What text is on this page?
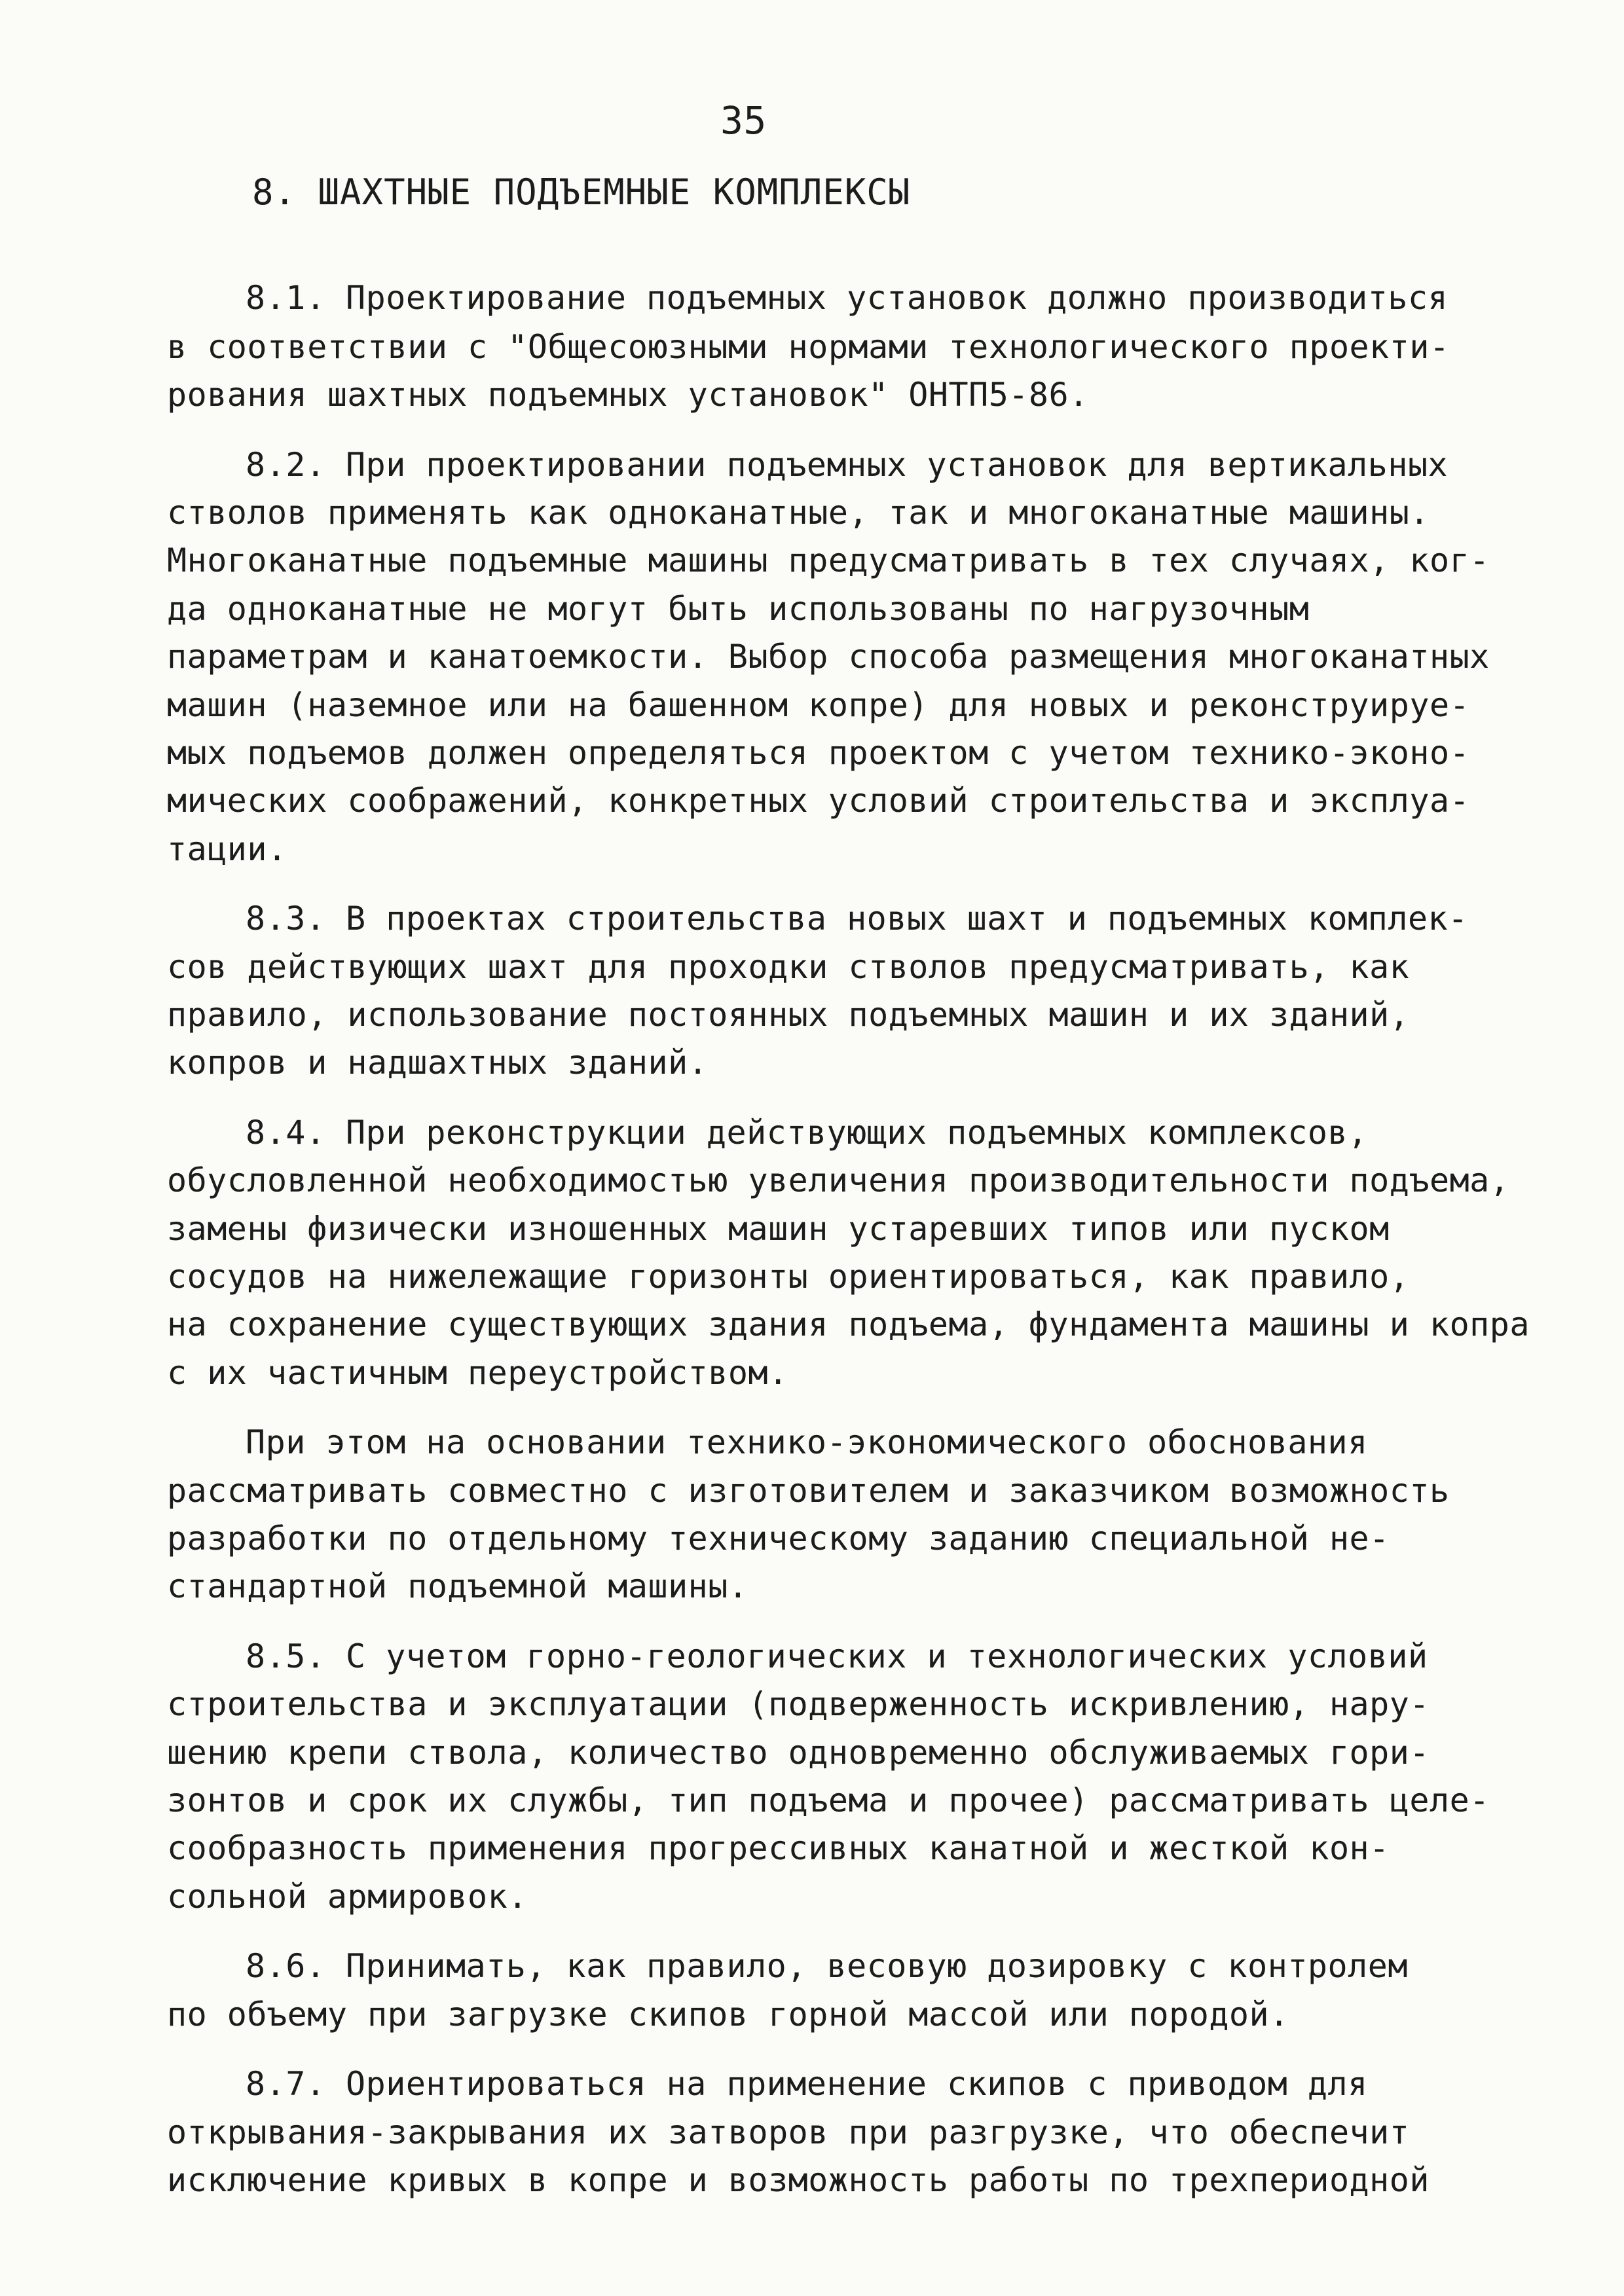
35
8. ШАХТНЫЕ ПОДЪЕМНЫЕ КОМПЛЕКСЫ
8.1. Проектирование подъемных установок должно производиться
в соответствии с "Общесоюзными нормами технологического проекти-
рования шахтных подъемных установок" ОНТП5-86.
8.2. При проектировании подъемных установок для вертикальных
стволов применять как одноканатные, так и многоканатные машины.
Многоканатные подъемные машины предусматривать в тех случаях, ког-
да одноканатные не могут быть использованы по нагрузочным
параметрам и канатоемкости. Выбор способа размещения многоканатных
машин (наземное или на башенном копре) для новых и реконструируе-
мых подъемов должен определяться проектом с учетом технико-эконо-
мических соображений, конкретных условий строительства и эксплуа-
тации.
8.3. В проектах строительства новых шахт и подъемных комплек-
сов действующих шахт для проходки стволов предусматривать, как
правило, использование постоянных подъемных машин и их зданий,
копров и надшахтных зданий.
8.4. При реконструкции действующих подъемных комплексов,
обусловленной необходимостью увеличения производительности подъема,
замены физически изношенных машин устаревших типов или пуском
сосудов на нижележащие горизонты ориентироваться, как правило,
на сохранение существующих здания подъема, фундамента машины и копра
с их частичным переустройством.
При этом на основании технико-экономического обоснования
рассматривать совместно с изготовителем и заказчиком возможность
разработки по отдельному техническому заданию специальной не-
стандартной подъемной машины.
8.5. С учетом горно-геологических и технологических условий
строительства и эксплуатации (подверженность искривлению, нару-
шению крепи ствола, количество одновременно обслуживаемых гори-
зонтов и срок их службы, тип подъема и прочее) рассматривать целе-
сообразность применения прогрессивных канатной и жесткой кон-
сольной армировок.
8.6. Принимать, как правило, весовую дозировку с контролем
по объему при загрузке скипов горной массой или породой.
8.7. Ориентироваться на применение скипов с приводом для
открывания-закрывания их затворов при разгрузке, что обеспечит
исключение кривых в копре и возможность работы по трехпериодной
